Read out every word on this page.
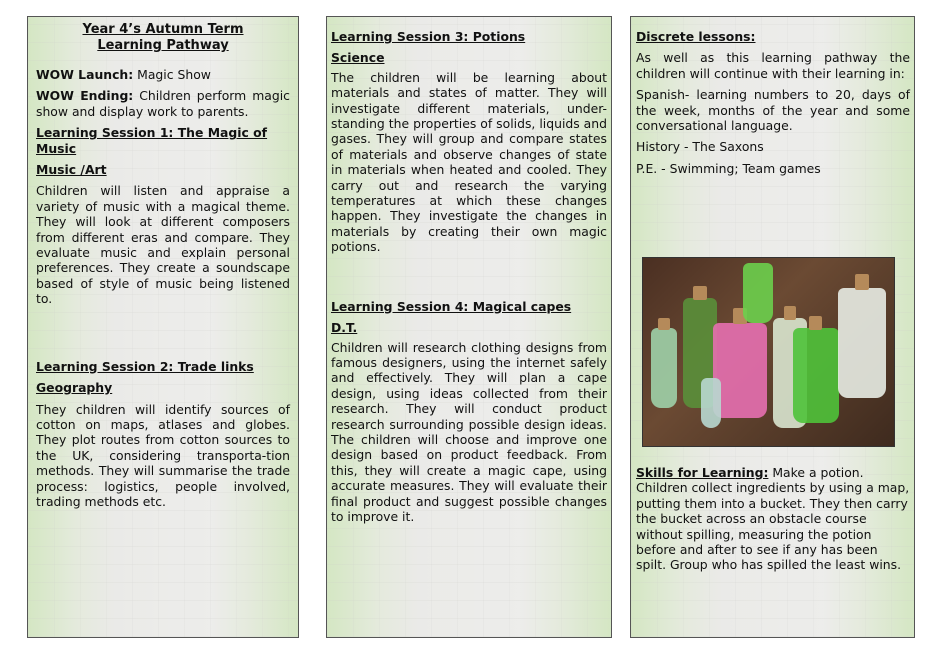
Year 4’s Autumn Term
Learning Pathway

WOW Launch: Magic Show

WOW Ending: Children perform magic show and display work to parents.

Learning Session 1: The Magic of Music

Music /Art

Children will listen and appraise a variety of music with a magical theme. They will look at different composers from different eras and compare. They evaluate music and explain personal preferences. They create a soundscape based of style of music being listened to.

Learning Session 2: Trade links

Geography

They children will identify sources of cotton on maps, atlases and globes. They plot routes from cotton sources to the UK, considering transporta-tion methods. They will summarise the trade process: logistics, people involved, trading methods etc.

Learning Session 3: Potions

Science

The children will be learning about materials and states of matter. They will investigate different materials, under-standing the properties of solids, liquids and gases. They will group and compare states of materials and observe changes of state in materials when heated and cooled. They carry out and research the varying temperatures at which these changes happen. They investigate the changes in materials by creating their own magic potions.

Learning Session 4: Magical capes

D.T.

Children will research clothing designs from famous designers, using the internet safely and effectively. They will plan a cape design, using ideas collected from their research. They will conduct product research surrounding possible design ideas. The children will choose and improve one design based on product feedback. From this, they will create a magic cape, using accurate measures. They will evaluate their final product and suggest possible changes to improve it.

Discrete lessons:

As well as this learning pathway the children will continue with their learning in:

Spanish- learning numbers to 20, days of the week, months of the year and some conversational language.

History - The Saxons

P.E. - Swimming; Team games

Skills for Learning: Make a potion. Children collect ingredients by using a map, putting them into a bucket. They then carry the bucket across an obstacle course without spilling, measuring the potion before and after to see if any has been spilt. Group who has spilled the least wins.
